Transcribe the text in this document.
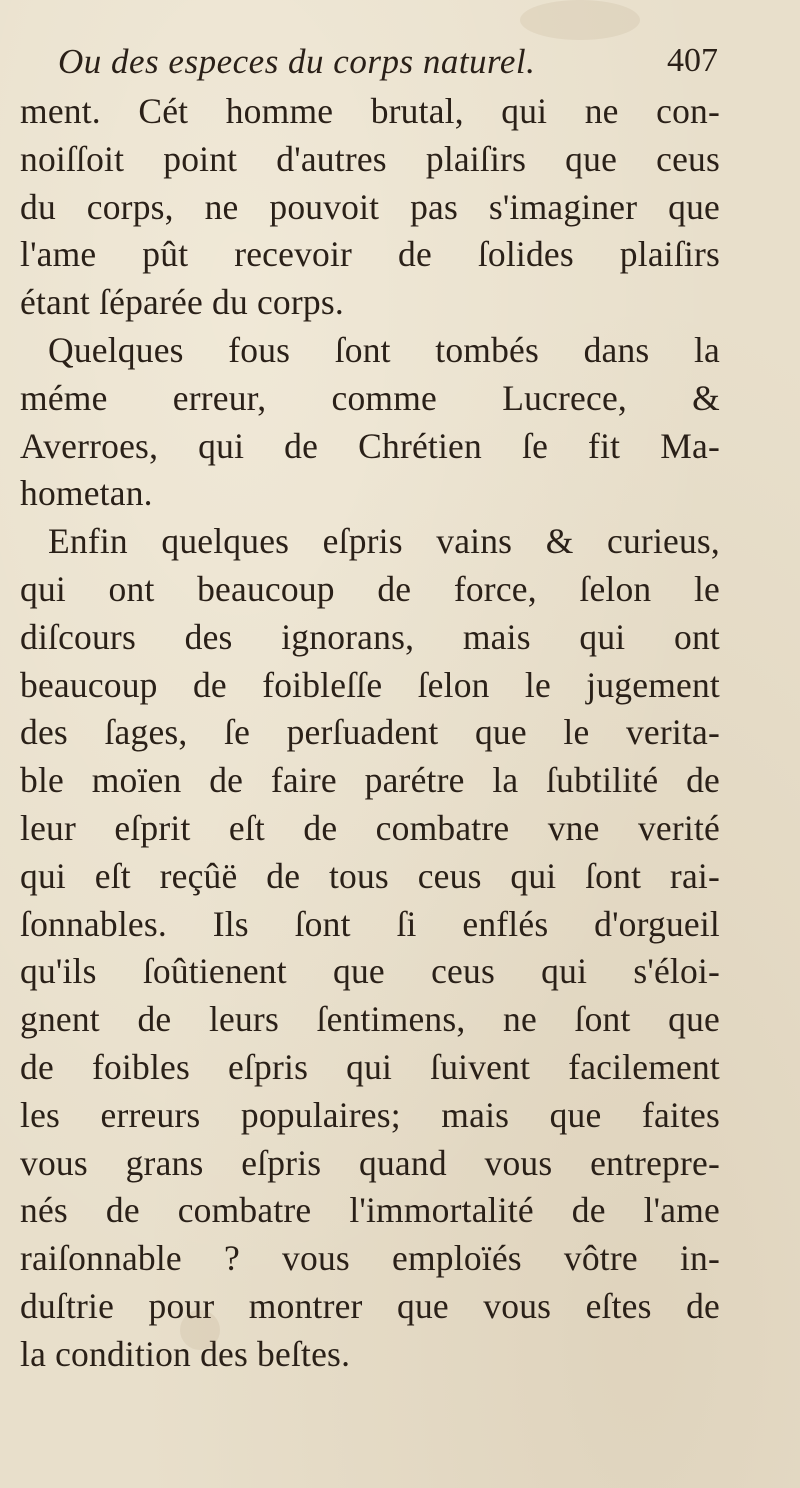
Ou des especes du corps naturel.	407
ment. Cét homme brutal, qui ne con-
noiſſoit point d'autres plaiſirs que ceus
du corps, ne pouvoit pas s'imaginer que
l'ame pût recevoir de ſolides plaiſirs
étant ſéparée du corps.
Quelques fous ſont tombés dans la
méme erreur, comme Lucrece, &
Averroes, qui de Chrétien ſe fit Ma-
hometan.
Enfin quelques eſpris vains & curieus,
qui ont beaucoup de force, ſelon le
diſcours des ignorans, mais qui ont
beaucoup de foibleſſe ſelon le jugement
des ſages, ſe perſuadent que le verita-
ble moïen de faire parétre la ſubtilité de
leur eſprit eſt de combatre vne verité
qui eſt reçûë de tous ceus qui ſont rai-
ſonnables. Ils ſont ſi enflés d'orgueil
qu'ils ſoûtienent que ceus qui s'éloi-
gnent de leurs ſentimens, ne ſont que
de foibles eſpris qui ſuivent facilement
les erreurs populaires; mais que faites
vous grans eſpris quand vous entrepre-
nés de combatre l'immortalité de l'ame
raiſonnable ? vous emploïés vôtre in-
duſtrie pour montrer que vous eſtes de
la condition des beſtes.
